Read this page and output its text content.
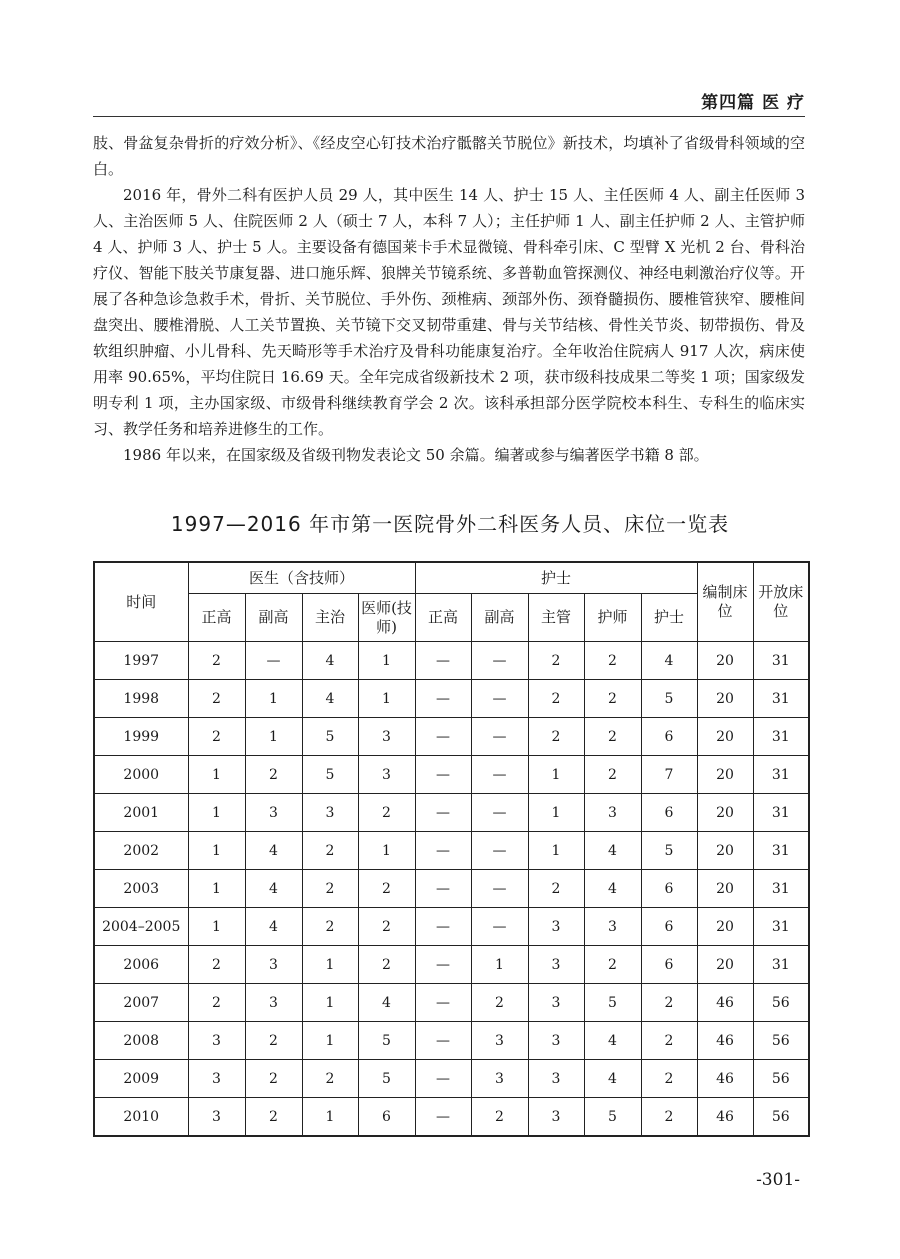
第四篇 医 疗

肢、骨盆复杂骨折的疗效分析》、《经皮空心钉技术治疗骶髂关节脱位》新技术，均填补了省级骨科领域的空白。

2016 年，骨外二科有医护人员 29 人，其中医生 14 人、护士 15 人、主任医师 4 人、副主任医师 3 人、主治医师 5 人、住院医师 2 人（硕士 7 人，本科 7 人）；主任护师 1 人、副主任护师 2 人、主管护师 4 人、护师 3 人、护士 5 人。主要设备有德国莱卡手术显微镜、骨科牵引床、C 型臂 X 光机 2 台、骨科治疗仪、智能下肢关节康复器、进口施乐辉、狼牌关节镜系统、多普勒血管探测仪、神经电刺激治疗仪等。开展了各种急诊急救手术，骨折、关节脱位、手外伤、颈椎病、颈部外伤、颈脊髓损伤、腰椎管狭窄、腰椎间盘突出、腰椎滑脱、人工关节置换、关节镜下交叉韧带重建、骨与关节结核、骨性关节炎、韧带损伤、骨及软组织肿瘤、小儿骨科、先天畸形等手术治疗及骨科功能康复治疗。全年收治住院病人 917 人次，病床使用率 90.65%，平均住院日 16.69 天。全年完成省级新技术 2 项，获市级科技成果二等奖 1 项；国家级发明专利 1 项，主办国家级、市级骨科继续教育学会 2 次。该科承担部分医学院校本科生、专科生的临床实习、教学任务和培养进修生的工作。

1986 年以来，在国家级及省级刊物发表论文 50 余篇。编著或参与编著医学书籍 8 部。

1997—2016 年市第一医院骨外二科医务人员、床位一览表
时间	医生（含技师）				护士					编制床位	开放床位
	正高	副高	主治	医师(技师)	正高	副高	主管	护师	护士		
1997	2	—	4	1	—	—	2	2	4	20	31
1998	2	1	4	1	—	—	2	2	5	20	31
1999	2	1	5	3	—	—	2	2	6	20	31
2000	1	2	5	3	—	—	1	2	7	20	31
2001	1	3	3	2	—	—	1	3	6	20	31
2002	1	4	2	1	—	—	1	4	5	20	31
2003	1	4	2	2	—	—	2	4	6	20	31
2004–2005	1	4	2	2	—	—	3	3	6	20	31
2006	2	3	1	2	—	1	3	2	6	20	31
2007	2	3	1	4	—	2	3	5	2	46	56
2008	3	2	1	5	—	3	3	4	2	46	56
2009	3	2	2	5	—	3	3	4	2	46	56
2010	3	2	1	6	—	2	3	5	2	46	56
-301-
